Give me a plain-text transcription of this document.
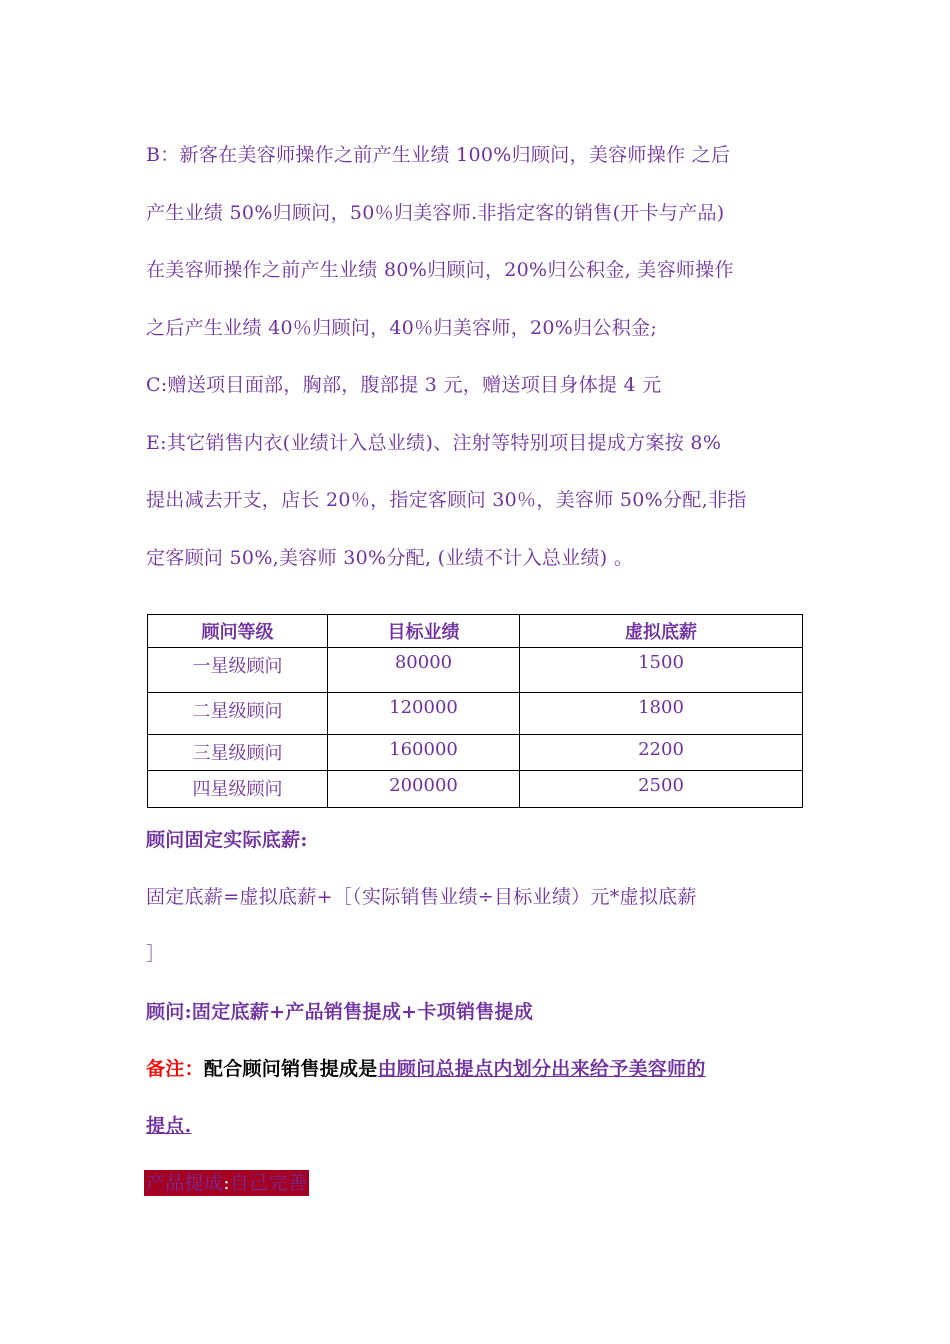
B：新客在美容师操作之前产生业绩 100%归顾问，美容师操作 之后
产生业绩 50%归顾问，50％归美容师.非指定客的销售(开卡与产品)
在美容师操作之前产生业绩 80%归顾问，20%归公积金, 美容师操作
之后产生业绩 40％归顾问，40％归美容师，20%归公积金;
C:赠送项目面部，胸部，腹部提 3 元，赠送项目身体提 4 元
E:其它销售内衣(业绩计入总业绩)、注射等特别项目提成方案按 8%
提出减去开支，店长 20％，指定客顾问 30％，美容师 50%分配,非指
定客顾问 50%,美容师 30%分配, (业绩不计入总业绩) 。
顾问等级	目标业绩	虚拟底薪
一星级顾问	80000	1500
二星级顾问	120000	1800
三星级顾问	160000	2200
四星级顾问	200000	2500
顾问固定实际底薪:
固定底薪=虚拟底薪+［（实际销售业绩÷目标业绩）元*虚拟底薪
］
顾问:固定底薪+产品销售提成+卡项销售提成
备注：配合顾问销售提成是由顾问总提点内划分出来给予美容师的
提点.
产品提成:自己完善
